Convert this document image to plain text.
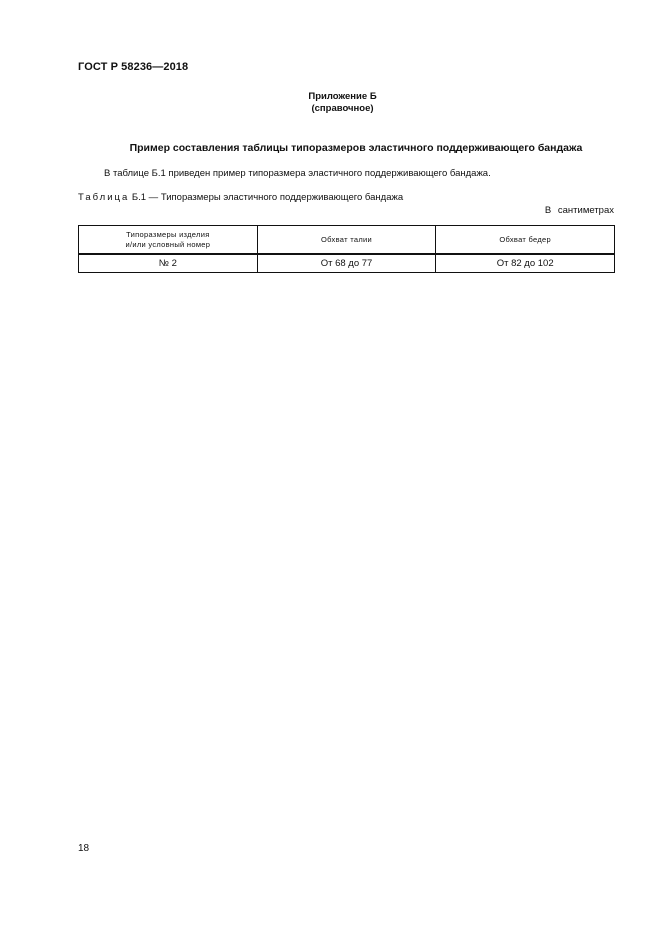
ГОСТ Р 58236—2018
Приложение Б
(справочное)
Пример составления таблицы типоразмеров эластичного поддерживающего бандажа
В таблице Б.1 приведен пример типоразмера эластичного поддерживающего бандажа.
Таблица Б.1 — Типоразмеры эластичного поддерживающего бандажа
В сантиметрах
Типоразмеры изделия
и/или условный номер	Обхват талии	Обхват бедер
№ 2	От 68 до 77	От 82 до 102
18
